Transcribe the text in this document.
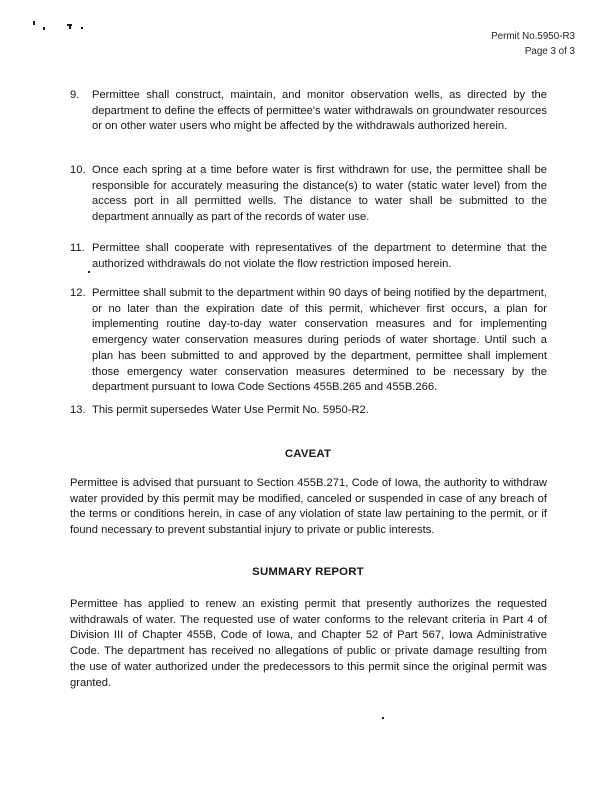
Permit No.5950-R3
Page 3 of 3
9. Permittee shall construct, maintain, and monitor observation wells, as directed by the department to define the effects of permittee's water withdrawals on groundwater resources or on other water users who might be affected by the withdrawals authorized herein.
10. Once each spring at a time before water is first withdrawn for use, the permittee shall be responsible for accurately measuring the distance(s) to water (static water level) from the access port in all permitted wells. The distance to water shall be submitted to the department annually as part of the records of water use.
11. Permittee shall cooperate with representatives of the department to determine that the authorized withdrawals do not violate the flow restriction imposed herein.
12. Permittee shall submit to the department within 90 days of being notified by the department, or no later than the expiration date of this permit, whichever first occurs, a plan for implementing routine day-to-day water conservation measures and for implementing emergency water conservation measures during periods of water shortage. Until such a plan has been submitted to and approved by the department, permittee shall implement those emergency water conservation measures determined to be necessary by the department pursuant to Iowa Code Sections 455B.265 and 455B.266.
13. This permit supersedes Water Use Permit No. 5950-R2.
CAVEAT
Permittee is advised that pursuant to Section 455B.271, Code of Iowa, the authority to withdraw water provided by this permit may be modified, canceled or suspended in case of any breach of the terms or conditions herein, in case of any violation of state law pertaining to the permit, or if found necessary to prevent substantial injury to private or public interests.
SUMMARY REPORT
Permittee has applied to renew an existing permit that presently authorizes the requested withdrawals of water. The requested use of water conforms to the relevant criteria in Part 4 of Division III of Chapter 455B, Code of Iowa, and Chapter 52 of Part 567, Iowa Administrative Code. The department has received no allegations of public or private damage resulting from the use of water authorized under the predecessors to this permit since the original permit was granted.
